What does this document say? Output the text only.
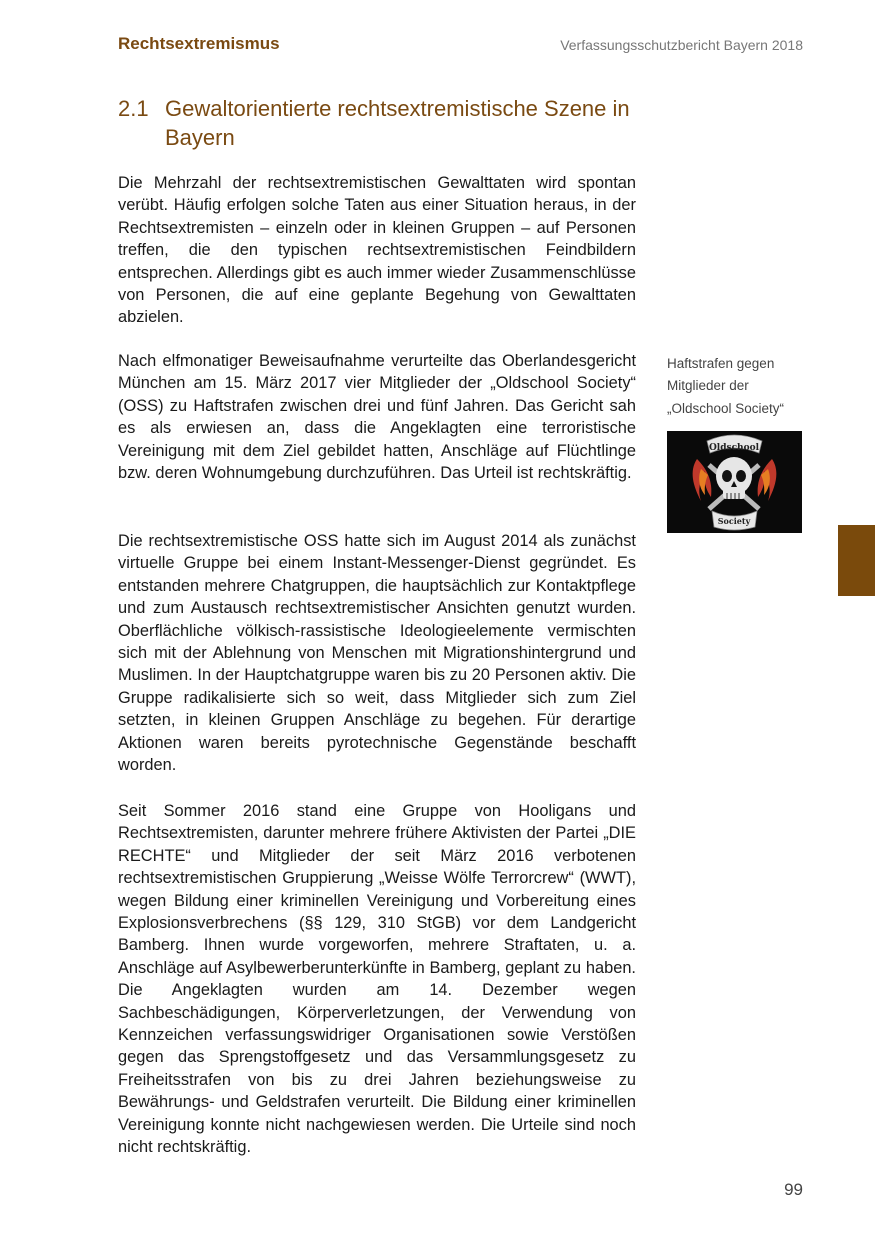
Rechtsextremismus	Verfassungsschutzbericht Bayern 2018
2.1 Gewaltorientierte rechtsextremistische Szene in Bayern

Die Mehrzahl der rechtsextremistischen Gewalttaten wird spontan verübt. Häufig erfolgen solche Taten aus einer Situation heraus, in der Rechtsextremisten – einzeln oder in kleinen Gruppen – auf Personen treffen, die den typischen rechtsextremistischen Feindbildern entsprechen. Allerdings gibt es auch immer wieder Zusammenschlüsse von Personen, die auf eine geplante Begehung von Gewalttaten abzielen.

Nach elfmonatiger Beweisaufnahme verurteilte das Oberlandesgericht München am 15. März 2017 vier Mitglieder der „Oldschool Society“ (OSS) zu Haftstrafen zwischen drei und fünf Jahren. Das Gericht sah es als erwiesen an, dass die Angeklagten eine terroristische Vereinigung mit dem Ziel gebildet hatten, Anschläge auf Flüchtlinge bzw. deren Wohnumgebung durchzuführen. Das Urteil ist rechtskräftig.

Die rechtsextremistische OSS hatte sich im August 2014 als zunächst virtuelle Gruppe bei einem Instant-Messenger-Dienst gegründet. Es entstanden mehrere Chatgruppen, die hauptsächlich zur Kontaktpflege und zum Austausch rechtsextremistischer Ansichten genutzt wurden. Oberflächliche völkisch-rassistische Ideologieelemente vermischten sich mit der Ablehnung von Menschen mit Migrationshintergrund und Muslimen. In der Hauptchatgruppe waren bis zu 20 Personen aktiv. Die Gruppe radikalisierte sich so weit, dass Mitglieder sich zum Ziel setzten, in kleinen Gruppen Anschläge zu begehen. Für derartige Aktionen waren bereits pyrotechnische Gegenstände beschafft worden.

Seit Sommer 2016 stand eine Gruppe von Hooligans und Rechtsextremisten, darunter mehrere frühere Aktivisten der Partei „DIE RECHTE“ und Mitglieder der seit März 2016 verbotenen rechtsextremistischen Gruppierung „Weisse Wölfe Terrorcrew“ (WWT), wegen Bildung einer kriminellen Vereinigung und Vorbereitung eines Explosionsverbrechens (§§ 129, 310 StGB) vor dem Landgericht Bamberg. Ihnen wurde vorgeworfen, mehrere Straftaten, u. a. Anschläge auf Asylbewerberunterkünfte in Bamberg, geplant zu haben. Die Angeklagten wurden am 14. Dezember wegen Sachbeschädigungen, Körperverletzungen, der Verwendung von Kennzeichen verfassungswidriger Organisationen sowie Verstößen gegen das Sprengstoffgesetz und das Versammlungsgesetz zu Freiheitsstrafen von bis zu drei Jahren beziehungsweise zu Bewährungs- und Geldstrafen verurteilt. Die Bildung einer kriminellen Vereinigung konnte nicht nachgewiesen werden. Die Urteile sind noch nicht rechtskräftig.

Haftstrafen gegen Mitglieder der „Oldschool Society“
Oldschool
Society
99
